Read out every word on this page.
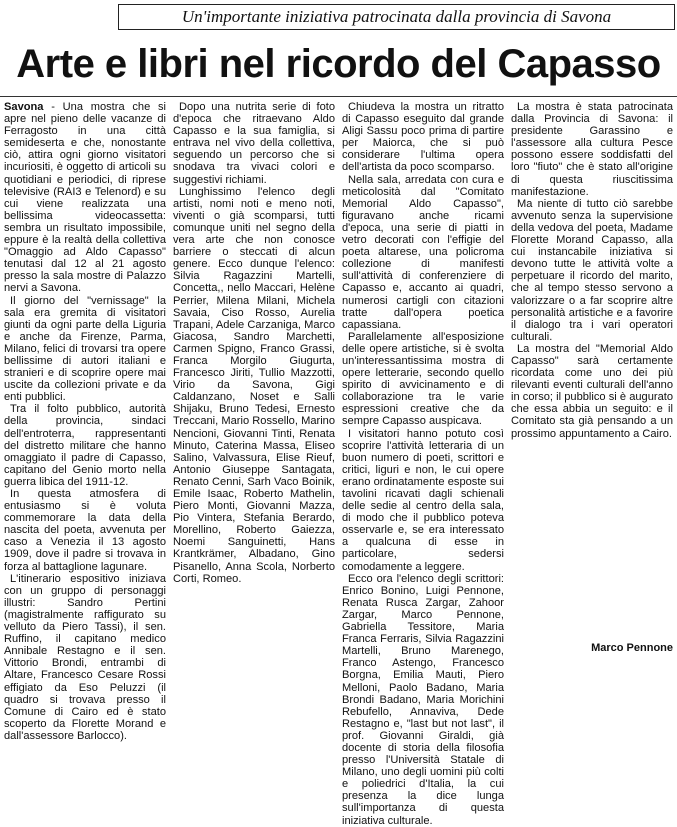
Un'importante iniziativa patrocinata dalla provincia di Savona
Arte e libri nel ricordo del Capasso

Savona - Una mostra che si apre nel pieno delle vacanze di Ferragosto in una città semideserta e che, nonostante ciò, attira ogni giorno visitatori incuriositi, è oggetto di articoli su quotidiani e periodici, di riprese televisive (RAI3 e Telenord) e su cui viene realizzata una bellissima videocassetta: sembra un risultato impossibile, eppure è la realtà della collettiva "Omaggio ad Aldo Capasso" tenutasi dal 12 al 21 agosto presso la sala mostre di Palazzo nervi a Savona.

Il giorno del "vernissage" la sala era gremita di visitatori giunti da ogni parte della Liguria e anche da Firenze, Parma, Milano, felici di trovarsi tra opere bellissime di autori italiani e stranieri e di scoprire opere mai uscite da collezioni private e da enti pubblici.

Tra il folto pubblico, autorità della provincia, sindaci dell'entroterra, rappresentanti del distretto militare che hanno omaggiato il padre di Capasso, capitano del Genio morto nella guerra libica del 1911-12.

In questa atmosfera di entusiasmo si è voluta commemorare la data della nascita del poeta, avvenuta per caso a Venezia il 13 agosto 1909, dove il padre si trovava in forza al battaglione lagunare.

L'itinerario espositivo iniziava con un gruppo di personaggi illustri: Sandro Pertini (magistralmente raffigurato su velluto da Piero Tassi), il sen. Ruffino, il capitano medico Annibale Restagno e il sen. Vittorio Brondi, entrambi di Altare, Francesco Cesare Rossi effigiato da Eso Peluzzi (il quadro si trovava presso il Comune di Cairo ed è stato scoperto da Florette Morand e dall'assessore Barlocco).

Dopo una nutrita serie di foto d'epoca che ritraevano Aldo Capasso e la sua famiglia, si entrava nel vivo della collettiva, seguendo un percorso che si snodava tra vivaci colori e suggestivi richiami.

Lunghissimo l'elenco degli artisti, nomi noti e meno noti, viventi o già scomparsi, tutti comunque uniti nel segno della vera arte che non conosce barriere o steccati di alcun genere. Ecco dunque l'elenco: Silvia Ragazzini Martelli, Concetta,, nello Maccari, Helène Perrier, Milena Milani, Michela Savaia, Ciso Rosso, Aurelia Trapani, Adele Carzaniga, Marco Giacosa, Sandro Marchetti, Carmen Spigno, Franco Grassi, Franca Morgilo Giugurta, Francesco Jiriti, Tullio Mazzotti, Virio da Savona, Gigi Caldanzano, Noset e Salli Shijaku, Bruno Tedesi, Ernesto Treccani, Mario Rossello, Marino Nencioni, Giovanni Tinti, Renata Minuto, Caterina Massa, Eliseo Salino, Valvassura, Elise Rieuf, Antonio Giuseppe Santagata, Renato Cenni, Sarh Vaco Boinik, Emile Isaac, Roberto Mathelin, Piero Monti, Giovanni Mazza, Pio Vintera, Stefania Berardo, Morellino, Roberto Gaiezza, Noemi Sanguinetti, Hans Krantkrämer, Albadano, Gino Pisanello, Anna Scola, Norberto Corti, Romeo.

Chiudeva la mostra un ritratto di Capasso eseguito dal grande Aligi Sassu poco prima di partire per Maiorca, che si può considerare l'ultima opera dell'artista da poco scomparso.

Nella sala, arredata con cura e meticolosità dal "Comitato Memorial Aldo Capasso", figuravano anche ricami d'epoca, una serie di piatti in vetro decorati con l'effigie del poeta altarese, una policroma collezione di manifesti sull'attività di conferenziere di Capasso e, accanto ai quadri, numerosi cartigli con citazioni tratte dall'opera poetica capassiana.

Parallelamente all'esposizione delle opere artistiche, si è svolta un'interessantissima mostra di opere letterarie, secondo quello spirito di avvicinamento e di collaborazione tra le varie espressioni creative che da sempre Capasso auspicava.

I visitatori hanno potuto così scoprire l'attività letteraria di un buon numero di poeti, scrittori e critici, liguri e non, le cui opere erano ordinatamente esposte sui tavolini ricavati dagli schienali delle sedie al centro della sala, di modo che il pubblico poteva osservarle e, se era interessato a qualcuna di esse in particolare, sedersi comodamente a leggere.

Ecco ora l'elenco degli scrittori: Enrico Bonino, Luigi Pennone, Renata Rusca Zargar, Zahoor Zargar, Marco Pennone, Gabriella Tessitore, Maria Franca Ferraris, Silvia Ragazzini Martelli, Bruno Marenego, Franco Astengo, Francesco Borgna, Emilia Mauti, Piero Melloni, Paolo Badano, Maria Brondi Badano, Maria Morichini Rebufello, Annaviva, Dede Restagno e, "last but not last", il prof. Giovanni Giraldi, già docente di storia della filosofia presso l'Università Statale di Milano, uno degli uomini più colti e poliedrici d'Italia, la cui presenza la dice lunga sull'importanza di questa iniziativa culturale.

La mostra è stata patrocinata dalla Provincia di Savona: il presidente Garassino e l'assessore alla cultura Pesce possono essere soddisfatti del loro "fiuto" che è stato all'origine di questa riuscitissima manifestazione.

Ma niente di tutto ciò sarebbe avvenuto senza la supervisione della vedova del poeta, Madame Florette Morand Capasso, alla cui instancabile iniziativa si devono tutte le attività volte a perpetuare il ricordo del marito, che al tempo stesso servono a valorizzare o a far scoprire altre personalità artistiche e a favorire il dialogo tra i vari operatori culturali.

La mostra del "Memorial Aldo Capasso" sarà certamente ricordata come uno dei più rilevanti eventi culturali dell'anno in corso; il pubblico si è augurato che essa abbia un seguito: e il Comitato sta già pensando a un prossimo appuntamento a Cairo.

Marco Pennone
